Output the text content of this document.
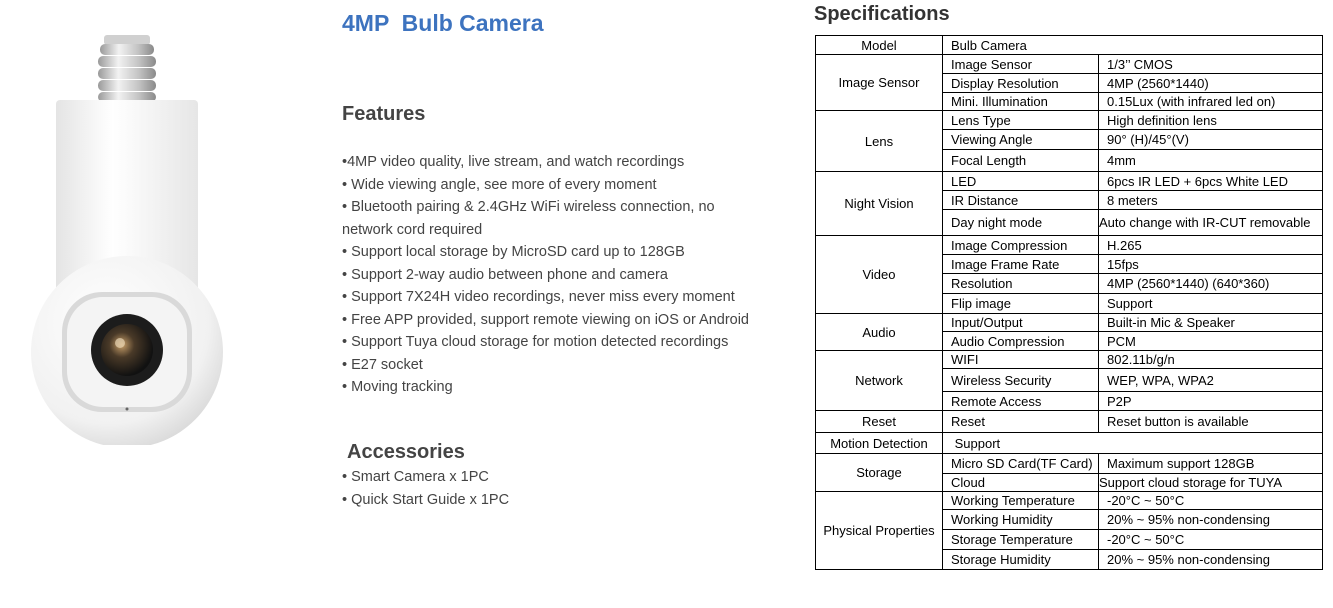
4MP  Bulb Camera
Features
•4MP video quality, live stream, and watch recordings
• Wide viewing angle, see more of every moment
• Bluetooth pairing & 2.4GHz WiFi wireless connection, no network cord required
• Support local storage by MicroSD card up to 128GB
• Support 2-way audio between phone and camera
• Support 7X24H video recordings, never miss every moment
• Free APP provided, support remote viewing on iOS or Android
• Support Tuya cloud storage for motion detected recordings
• E27 socket
• Moving tracking
Accessories
• Smart Camera x 1PC
• Quick Start Guide x 1PC
Specifications
Model	Bulb Camera	
Image Sensor	Image Sensor	1/3’’ CMOS
	Display Resolution	4MP (2560*1440)
	Mini. Illumination	0.15Lux (with infrared led on)
Lens	Lens Type	High definition lens
	Viewing Angle	90° (H)/45°(V)
	Focal Length	4mm
Night Vision	LED	6pcs IR LED + 6pcs White LED
	IR Distance	8 meters
	Day night mode	Auto change with IR-CUT removable
Video	Image Compression	H.265
	Image Frame Rate	15fps
	Resolution	4MP (2560*1440) (640*360)
	Flip image	Support
Audio	Input/Output	Built-in Mic & Speaker
	Audio Compression	PCM
Network	WIFI	802.11b/g/n
	Wireless Security	WEP, WPA, WPA2
	Remote Access	P2P
Reset	Reset	Reset button is available
Motion Detection	Support	
Storage	Micro SD Card(TF Card)	Maximum support 128GB
	Cloud	Support cloud storage for TUYA
Physical Properties	Working Temperature	-20°C ~ 50°C
	Working Humidity	20% ~ 95% non-condensing
	Storage Temperature	-20°C ~ 50°C
	Storage Humidity	20% ~ 95% non-condensing
